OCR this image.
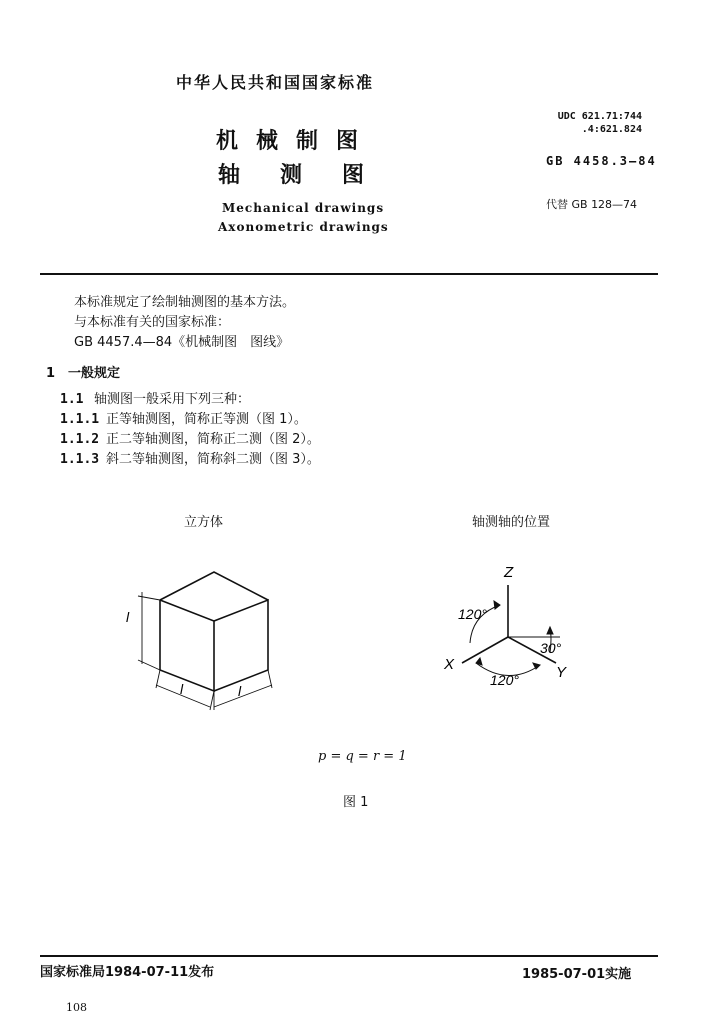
中华人民共和国国家标准
机械制图
轴测图
Mechanical drawings
Axonometric drawings
UDC 621.71:744
.4:621.824
GB 4458.3—84
代替 GB 128—74
本标准规定了绘制轴测图的基本方法。
与本标准有关的国家标准：
GB 4457.4—84《机械制图　图线》
1 一般规定
1.1 轴测图一般采用下列三种：
1.1.1 正等轴测图，简称正等测（图 1）。
1.1.2 正二等轴测图，简称正二测（图 2）。
1.1.3 斜二等轴测图，简称斜二测（图 3）。
立方体	轴测轴的位置
l
l	l
Z
X	Y
120°
120°
30°
p = q = r = 1
图 1
国家标准局1984-07-11发布	1985-07-01实施
108
